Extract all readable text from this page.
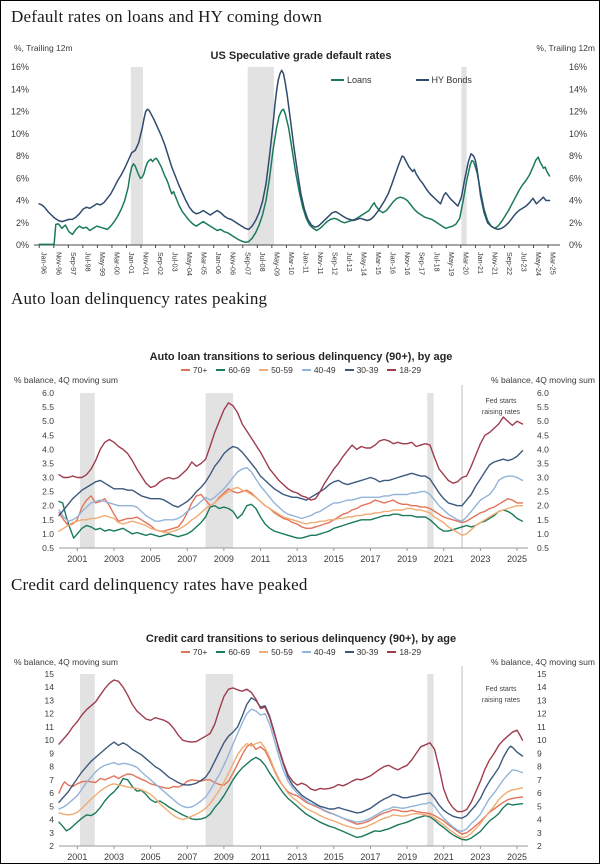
Default rates on loans and HY coming down
%, Trailing 12m
US Speculative grade default rates
%, Trailing 12m
0%	0%
2%	2%
4%	4%
6%	6%
8%	8%
10%	10%
12%	12%
14%	14%
16%	16%
Jan-96 Nov-96 Sep-97 Jul-98 May-99 Mar-00 Jan-01 Nov-01 Sep-02 Jul-03 May-04 Mar-05 Jan-06 Nov-06 Sep-07 Jul-08 May-09 Mar-10 Jan-11 Nov-11 Sep-12 Jul-13 May-14 Mar-15 Jan-16 Nov-16 Sep-17 Jul-18 May-19 Mar-20 Jan-21 Nov-21 Sep-22 Jul-23 May-24 Mar-25
Loans	HY Bonds
Auto loan delinquency rates peaking
Auto loan transitions to serious delinquency (90+), by age
% balance, 4Q moving sum	% balance, 4Q moving sum
0.5	0.5
1.0	1.0
1.5	1.5
2.0	2.0
2.5	2.5
3.0	3.0
3.5	3.5
4.0	4.0
4.5	4.5
5.0	5.0
5.5	5.5
6.0	6.0
2001 2003 2005 2007 2009 2011 2013 2015 2017 2019 2021 2023 2025
70+ 60-69 50-59 40-49 30-39 18-29
Fed starts
raising rates
Credit card delinquency rates have peaked
Credit card transitions to serious delinquency (90+), by age
% balance, 4Q moving sum	% balance, 4Q moving sum
2	2
3	3
4	4
5	5
6	6
7	7
8	8
9	9
10	10
11	11
12	12
13	13
14	14
15	15
2001 2003 2005 2007 2009 2011 2013 2015 2017 2019 2021 2023 2025
70+ 60-69 50-59 40-49 30-39 18-29
Fed starts
raising rates
